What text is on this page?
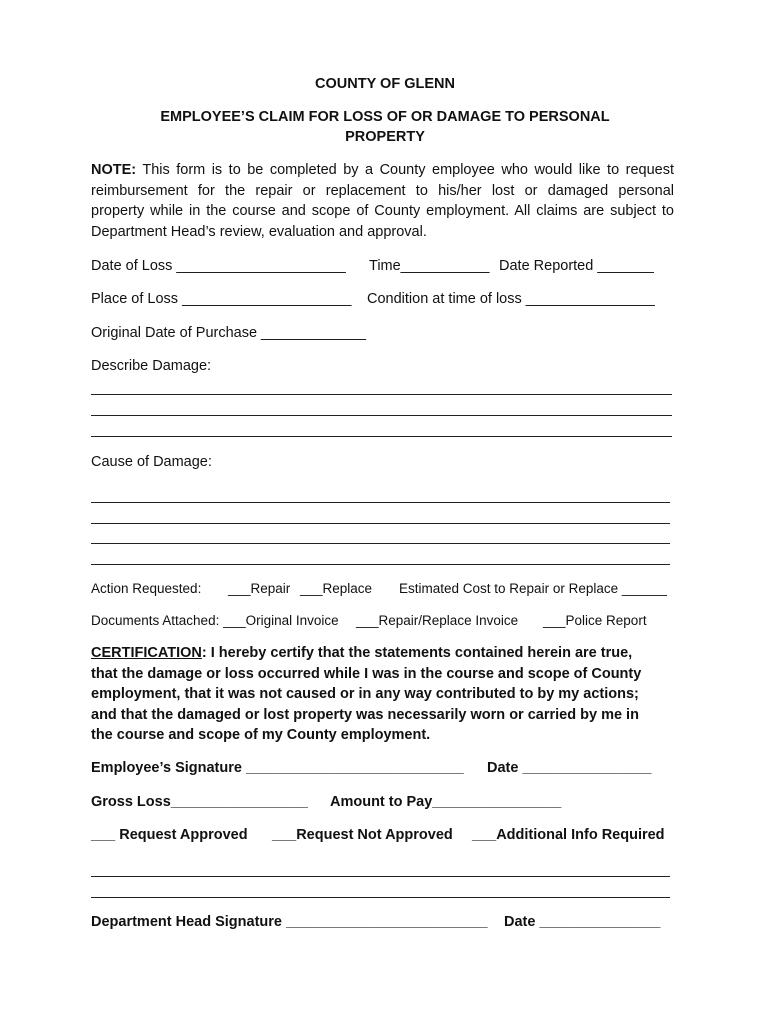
COUNTY OF GLENN
EMPLOYEE’S CLAIM FOR LOSS OF OR DAMAGE TO PERSONAL
PROPERTY
NOTE: This form is to be completed by a County employee who would like to request
reimbursement for the repair or replacement to his/her lost or damaged personal
property while in the course and scope of County employment. All claims are subject to
Department Head’s review, evaluation and approval.
Date of Loss _____________________ Time___________ Date Reported _______
Place of Loss _____________________ Condition at time of loss ________________
Original Date of Purchase _____________
Describe Damage:
Cause of Damage:
Action Requested: ___Repair ___Replace Estimated Cost to Repair or Replace ______
Documents Attached: ___Original Invoice ___Repair/Replace Invoice ___Police Report
CERTIFICATION: I hereby certify that the statements contained herein are true,
that the damage or loss occurred while I was in the course and scope of County
employment, that it was not caused or in any way contributed to by my actions;
and that the damaged or lost property was necessarily worn or carried by me in
the course and scope of my County employment.
Employee’s Signature ___________________________ Date ________________
Gross Loss_________________ Amount to Pay________________
___ Request Approved ___Request Not Approved ___Additional Info Required
Department Head Signature _________________________ Date _______________
